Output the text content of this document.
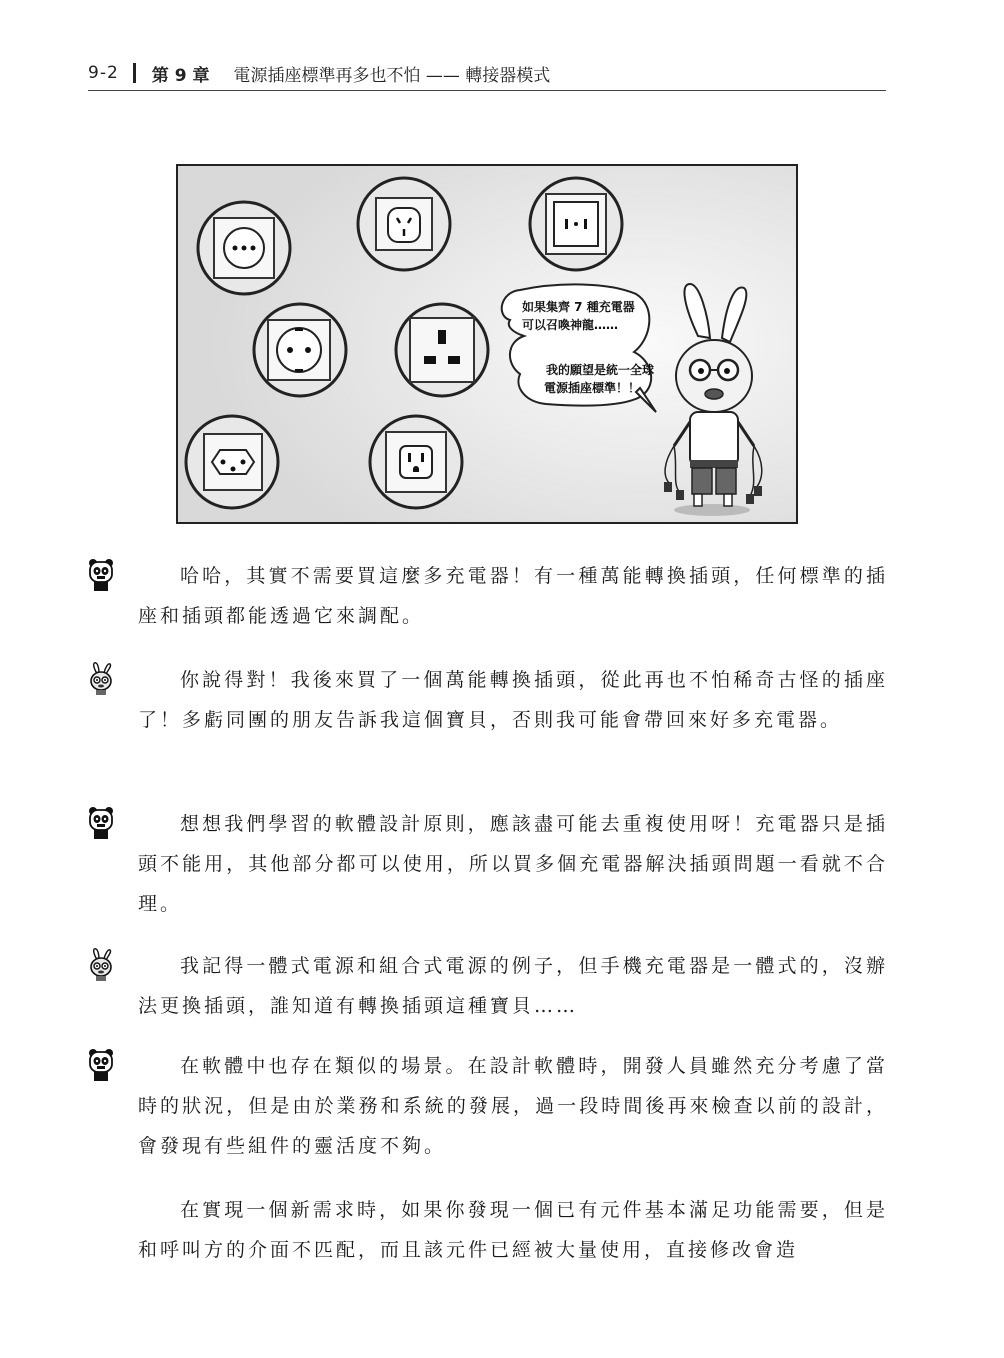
9-2 第 9 章 電源插座標準再多也不怕 —— 轉接器模式
如果集齊 7 種充電器
可以召喚神龍……
我的願望是統一全球
電源插座標準！！
哈哈，其實不需要買這麼多充電器！有一種萬能轉換插頭，任何標準的插座和插頭都能透過它來調配。
你說得對！我後來買了一個萬能轉換插頭，從此再也不怕稀奇古怪的插座了！多虧同團的朋友告訴我這個寶貝，否則我可能會帶回來好多充電器。
想想我們學習的軟體設計原則，應該盡可能去重複使用呀！充電器只是插頭不能用，其他部分都可以使用，所以買多個充電器解決插頭問題一看就不合理。
我記得一體式電源和組合式電源的例子，但手機充電器是一體式的，沒辦法更換插頭，誰知道有轉換插頭這種寶貝……
在軟體中也存在類似的場景。在設計軟體時，開發人員雖然充分考慮了當時的狀況，但是由於業務和系統的發展，過一段時間後再來檢查以前的設計，會發現有些組件的靈活度不夠。
在實現一個新需求時，如果你發現一個已有元件基本滿足功能需要，但是和呼叫方的介面不匹配，而且該元件已經被大量使用，直接修改會造
